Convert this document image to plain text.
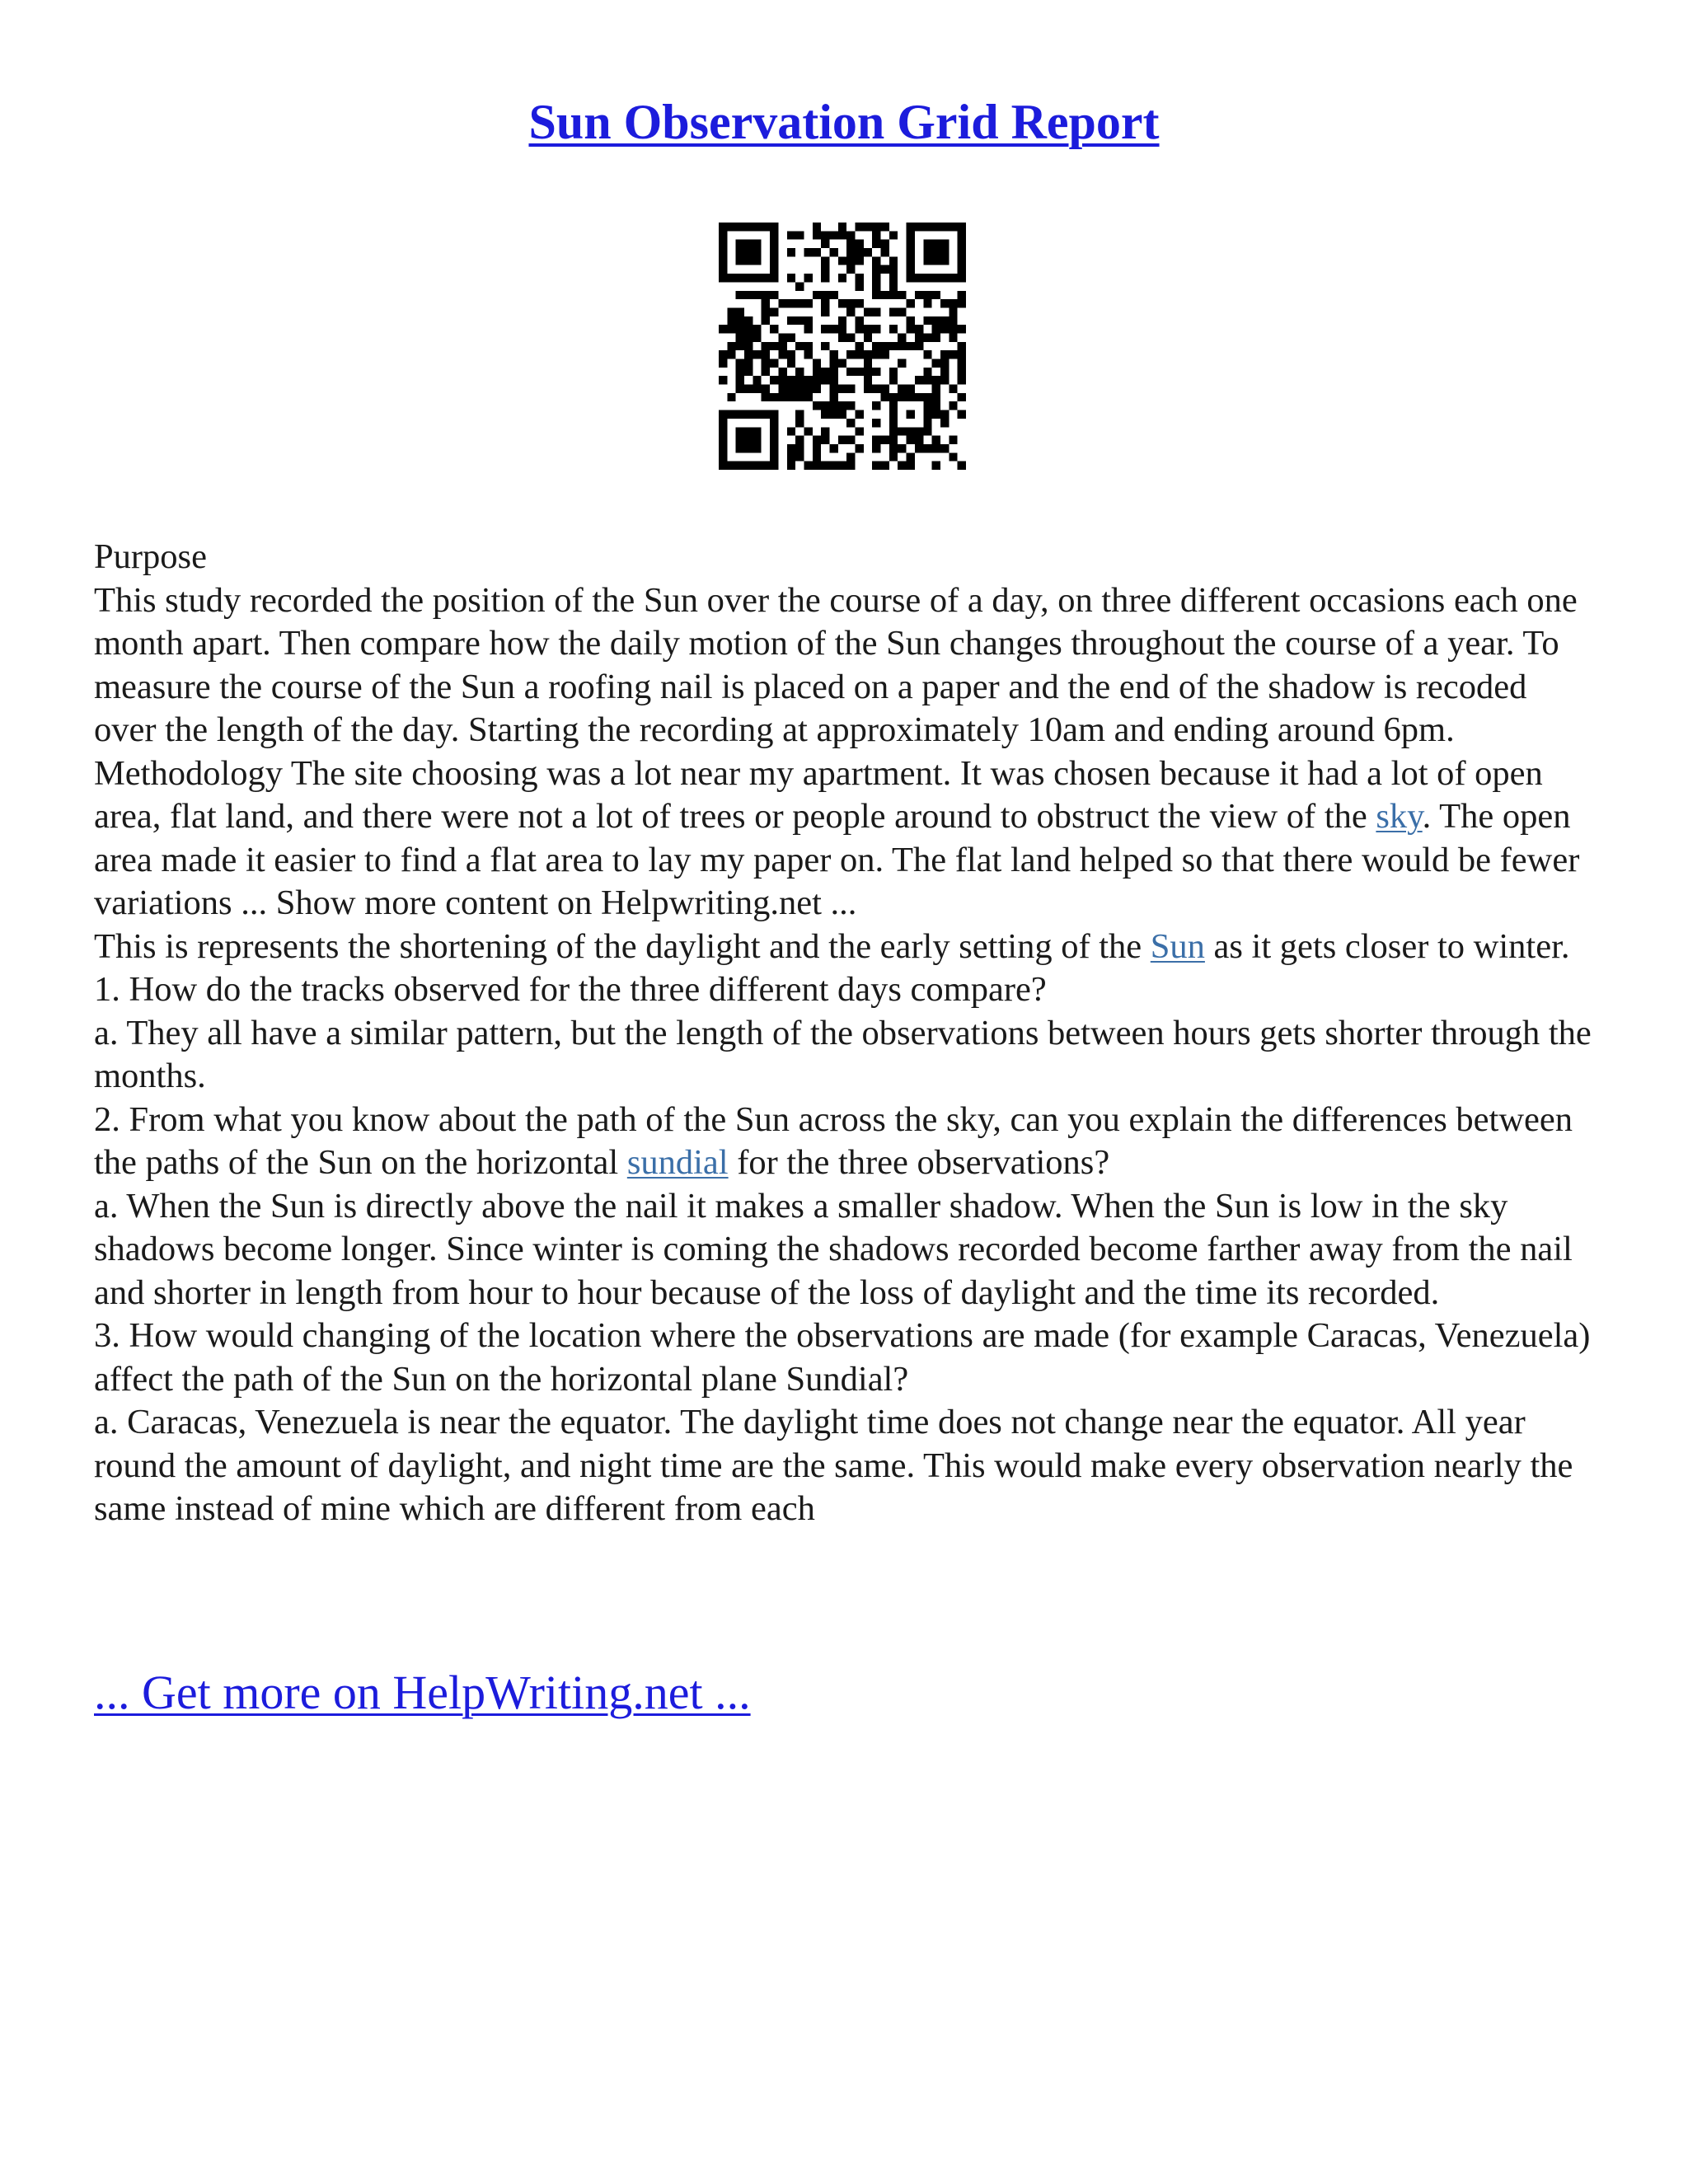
Sun Observation Grid Report

Purpose

This study recorded the position of the Sun over the course of a day, on three different occasions each one month apart. Then compare how the daily motion of the Sun changes throughout the course of a year. To measure the course of the Sun a roofing nail is placed on a paper and the end of the shadow is recoded over the length of the day. Starting the recording at approximately 10am and ending around 6pm. Methodology The site choosing was a lot near my apartment. It was chosen because it had a lot of open area, flat land, and there were not a lot of trees or people around to obstruct the view of the sky. The open area made it easier to find a flat area to lay my paper on. The flat land helped so that there would be fewer variations ... Show more content on Helpwriting.net ...

This is represents the shortening of the daylight and the early setting of the Sun as it gets closer to winter.

1. How do the tracks observed for the three different days compare?

a. They all have a similar pattern, but the length of the observations between hours gets shorter through the months.

2. From what you know about the path of the Sun across the sky, can you explain the differences between the paths of the Sun on the horizontal sundial for the three observations?

a. When the Sun is directly above the nail it makes a smaller shadow. When the Sun is low in the sky shadows become longer. Since winter is coming the shadows recorded become farther away from the nail and shorter in length from hour to hour because of the loss of daylight and the time its recorded.

3. How would changing of the location where the observations are made (for example Caracas, Venezuela) affect the path of the Sun on the horizontal plane Sundial?

a. Caracas, Venezuela is near the equator. The daylight time does not change near the equator. All year round the amount of daylight, and night time are the same. This would make every observation nearly the same instead of mine which are different from each

... Get more on HelpWriting.net ...
